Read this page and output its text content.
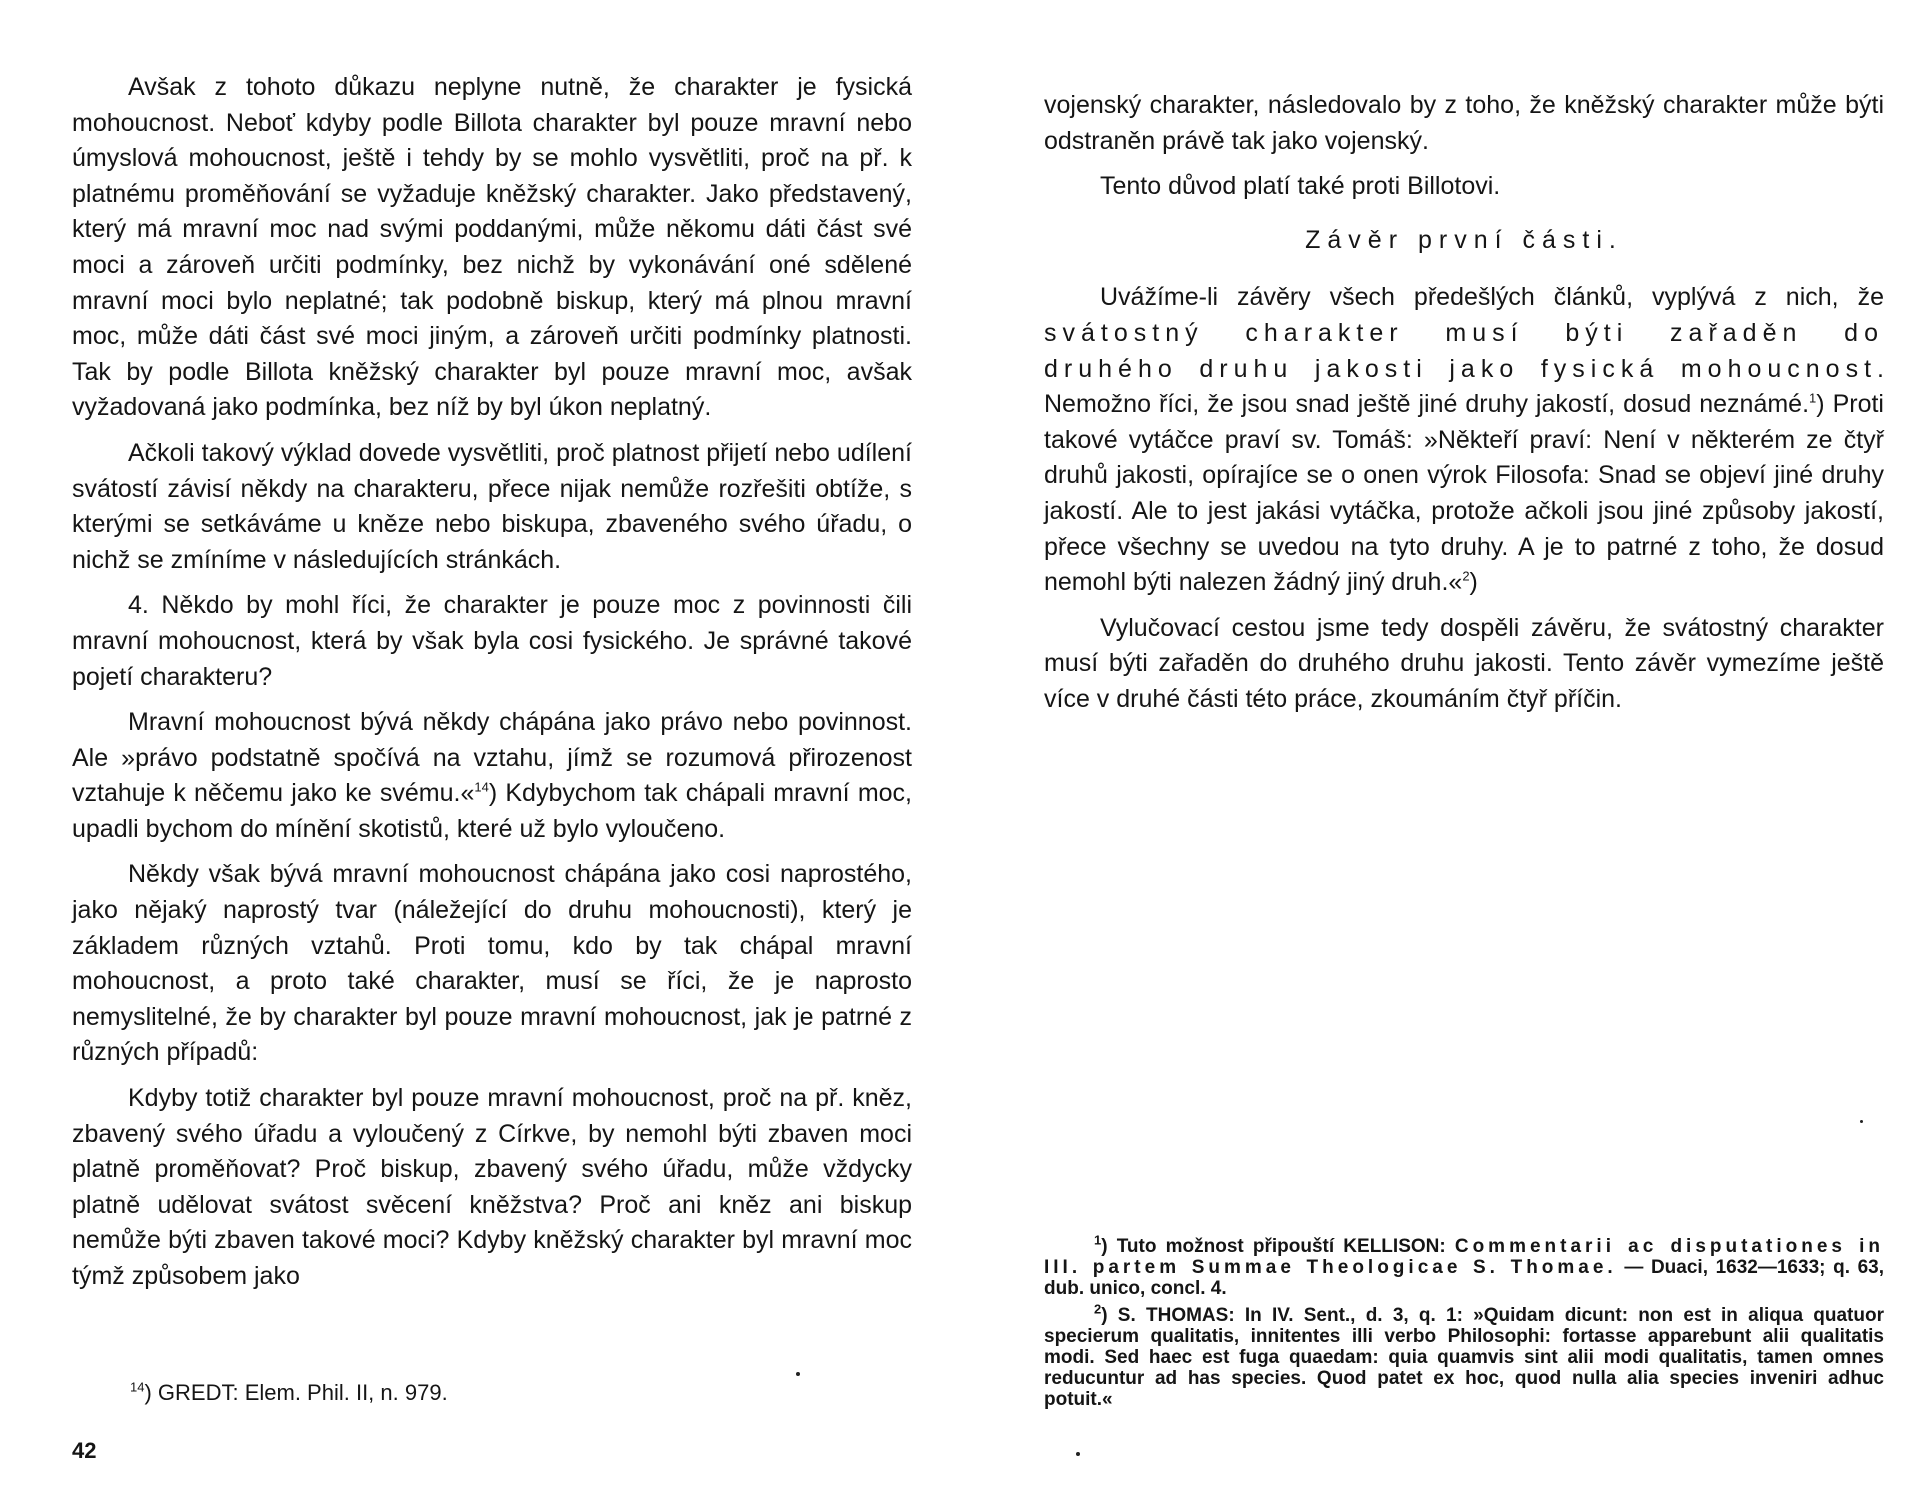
Avšak z tohoto důkazu neplyne nutně, že charakter je fysická mohoucnost. Neboť kdyby podle Billota charakter byl pouze mravní nebo úmyslová mohoucnost, ještě i tehdy by se mohlo vysvětliti, proč na př. k platnému proměňování se vyžaduje kněžský charakter. Jako představený, který má mravní moc nad svými poddanými, může někomu dáti část své moci a zároveň určiti podmínky, bez nichž by vykonávání oné sdělené mravní moci bylo neplatné; tak podobně biskup, který má plnou mravní moc, může dáti část své moci jiným, a zároveň určiti podmínky platnosti. Tak by podle Billota kněžský charakter byl pouze mravní moc, avšak vyžadovaná jako podmínka, bez níž by byl úkon neplatný.

Ačkoli takový výklad dovede vysvětliti, proč platnost přijetí nebo udílení svátostí závisí někdy na charakteru, přece nijak nemůže rozřešiti obtíže, s kterými se setkáváme u kněze nebo biskupa, zbaveného svého úřadu, o nichž se zmíníme v následujících stránkách.

4. Někdo by mohl říci, že charakter je pouze moc z povinnosti čili mravní mohoucnost, která by však byla cosi fysického. Je správné takové pojetí charakteru?

Mravní mohoucnost bývá někdy chápána jako právo nebo povinnost. Ale »právo podstatně spočívá na vztahu, jímž se rozumová přirozenost vztahuje k něčemu jako ke svému.«$^{14}$) Kdybychom tak chápali mravní moc, upadli bychom do mínění skotistů, které už bylo vyloučeno.

Někdy však bývá mravní mohoucnost chápána jako cosi naprostého, jako nějaký naprostý tvar (náležející do druhu mohoucnosti), který je základem různých vztahů. Proti tomu, kdo by tak chápal mravní mohoucnost, a proto také charakter, musí se říci, že je naprosto nemyslitelné, že by charakter byl pouze mravní mohoucnost, jak je patrné z různých případů:

Kdyby totiž charakter byl pouze mravní mohoucnost, proč na př. kněz, zbavený svého úřadu a vyloučený z Církve, by nemohl býti zbaven moci platně proměňovat? Proč biskup, zbavený svého úřadu, může vždycky platně udělovat svátost svěcení kněžstva? Proč ani kněz ani biskup nemůže býti zbaven takové moci? Kdyby kněžský charakter byl mravní moc týmž způsobem jako

$^{14}$) GREDT: Elem. Phil. II, n. 979.
42

vojenský charakter, následovalo by z toho, že kněžský charakter může býti odstraněn právě tak jako vojenský.

Tento důvod platí také proti Billotovi.

Závěr první části.

Uvážíme-li závěry všech předešlých článků, vyplývá z nich, že svátostný charakter musí býti zařaděn do druhého druhu jakosti jako fysická mohoucnost. Nemožno říci, že jsou snad ještě jiné druhy jakostí, dosud neznámé.$^1$) Proti takové vytáčce praví sv. Tomáš: »Někteří praví: Není v některém ze čtyř druhů jakosti, opírajíce se o onen výrok Filosofa: Snad se objeví jiné druhy jakostí. Ale to jest jakási vytáčka, protože ačkoli jsou jiné způsoby jakostí, přece všechny se uvedou na tyto druhy. A je to patrné z toho, že dosud nemohl býti nalezen žádný jiný druh.«$^2$)

Vylučovací cestou jsme tedy dospěli závěru, že svátostný charakter musí býti zařaděn do druhého druhu jakosti. Tento závěr vymezíme ještě více v druhé části této práce, zkoumáním čtyř příčin.

$^1$) Tuto možnost připouští KELLISON: Commentarii ac disputationes in III. partem Summae Theologicae S. Thomae. — Duaci, 1632—1633; q. 63, dub. unico, concl. 4.

$^2$) S. THOMAS: In IV. Sent., d. 3, q. 1: »Quidam dicunt: non est in aliqua quatuor specierum qualitatis, innitentes illi verbo Philosophi: fortasse apparebunt alii qualitatis modi. Sed haec est fuga quaedam: quia quamvis sint alii modi qualitatis, tamen omnes reducuntur ad has species. Quod patet ex hoc, quod nulla alia species inveniri adhuc potuit.«
